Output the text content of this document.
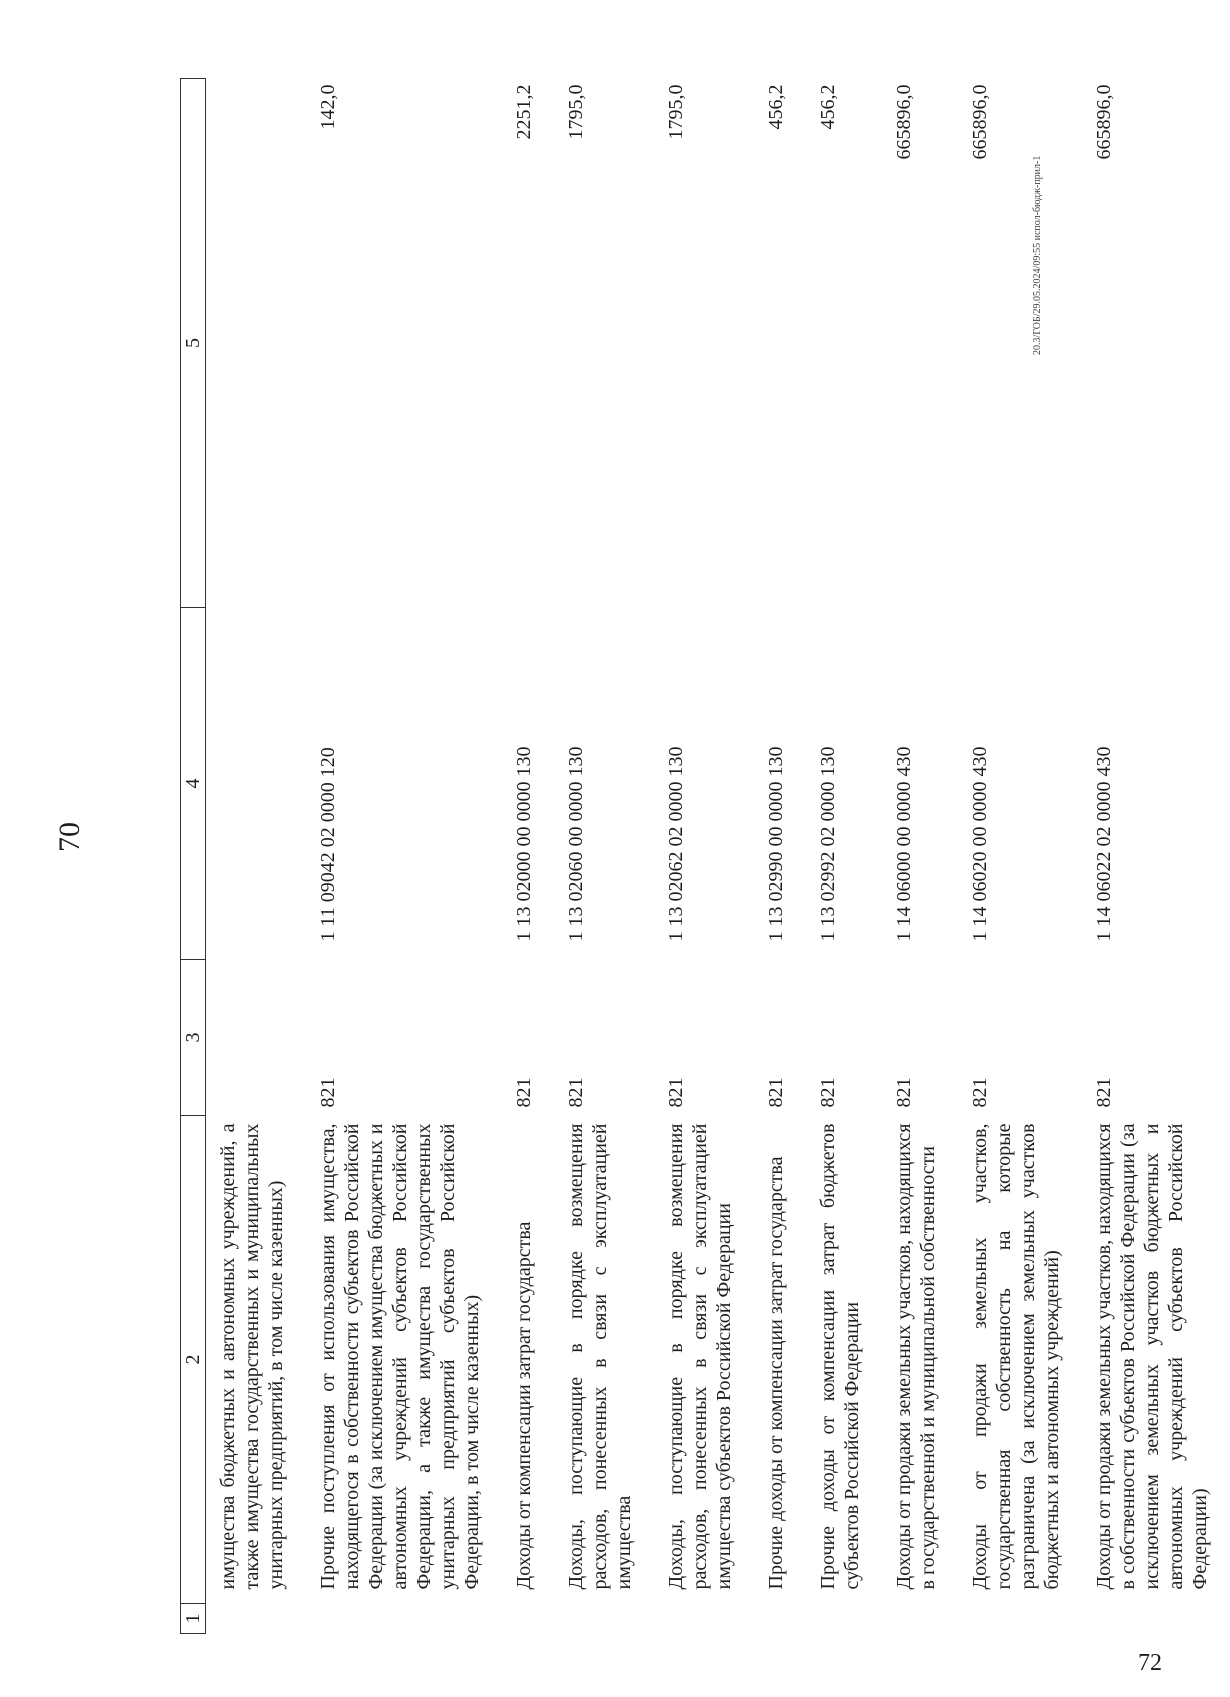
70
20.3/ГОБ/29.05.2024/09:55 испол-бюдж-прил-1
72
1	2	3	4	5
	имущества бюджетных и автономных учреждений, а также имущества государственных и муниципальных унитарных предприятий, в том числе казенных)			
	Прочие поступления от использования имущества, находящегося в собственности субъектов Российской Федерации (за исключением имущества бюджетных и автономных учреждений субъектов Российской Федерации, а также имущества государственных унитарных предприятий субъектов Российской Федерации, в том числе казенных)	821	1 11 09042 02 0000 120	142,0
	Доходы от компенсации затрат государства	821	1 13 02000 00 0000 130	2251,2
	Доходы, поступающие в порядке возмещения расходов, понесенных в связи с эксплуатацией имущества	821	1 13 02060 00 0000 130	1795,0
	Доходы, поступающие в порядке возмещения расходов, понесенных в связи с эксплуатацией имущества субъектов Российской Федерации	821	1 13 02062 02 0000 130	1795,0
	Прочие доходы от компенсации затрат государства	821	1 13 02990 00 0000 130	456,2
	Прочие доходы от компенсации затрат бюджетов субъектов Российской Федерации	821	1 13 02992 02 0000 130	456,2
	Доходы от продажи земельных участков, находящихся в государственной и муниципальной собственности	821	1 14 06000 00 0000 430	665896,0
	Доходы от продажи земельных участков, государственная собственность на которые разграничена (за исключением земельных участков бюджетных и автономных учреждений)	821	1 14 06020 00 0000 430	665896,0
	Доходы от продажи земельных участков, находящихся в собственности субъектов Российской Федерации (за исключением земельных участков бюджетных и автономных учреждений субъектов Российской Федерации)	821	1 14 06022 02 0000 430	665896,0
